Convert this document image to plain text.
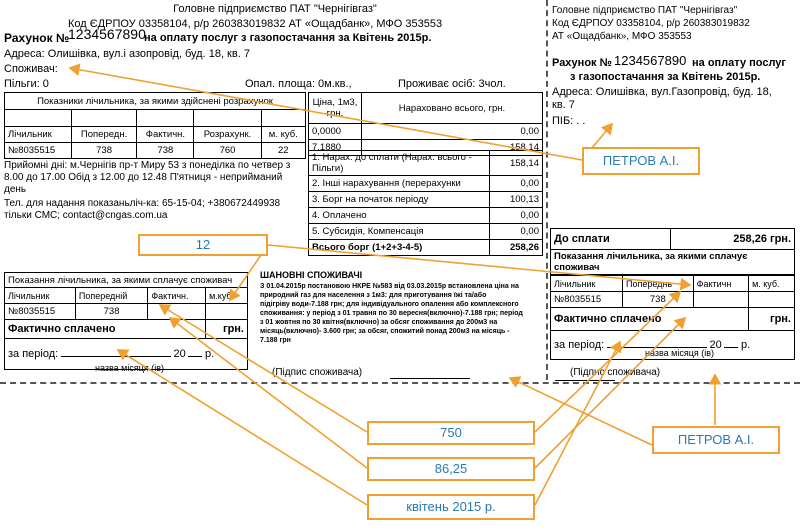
Головне підприємство ПАТ "Чернігівгаз"
Код ЄДРПОУ 03358104, р/р 260383019832 АТ «Ощадбанк», МФО 353553
Рахунок №
1234567890
на оплату послуг з газопостачання за Квітень 2015р.
Адреса: Олишівка, вул.і азопровід, буд. 18, кв. 7
Споживач:
Пільги: 0	Опал. площа: 0м.кв.,	Проживає осіб: 3чол.
Показники лічильника, за якими здійснені розрахунок				

Лічильник	Попередн.	Фактичн.	Розрахунк.	м. куб.
№8035515	738	738	760	22
Ціна, 1м3, грн.	Нараховано всього, грн.
0,0000	0,00
7,1880	158,14
1. Нарах. до сплати (Нарах. всього - Пільги)	158,14
2. Інші нарахування (перерахунки	0,00
3. Борг на початок періоду	100,13
4. Оплачено	0,00
5. Субсидія, Компенсація	0,00
Всього борг (1+2+3-4-5)	258,26
Прийомні дні: м.Чернігів пр-т Миру 53 з понеділка по четвер з 8.00 до 17.00 Обід з 12.00 до 12.48 П'ятниця - неприйманий день
Тел. для надання показаньліч-ка: 65-15-04; +380672449938 тільки СМС; contact@cngas.com.ua
Головне підприємство ПАТ "Чернігівгаз"
Код ЄДРПОУ 03358104, р/р 260383019832
АТ «Ощадбанк», МФО 353553
Рахунок № 1234567890 на оплату послуг
з газопостачання за Квітень 2015р.
Адреса: Олишівка, вул.Газопровід, буд. 18,
кв. 7
ПІБ: . .
До сплати	258,26 грн.
Показання лічильника, за якими сплачує споживач
Лічильник	Попереднь	Фактичн	м. куб.
№8035515	738		
Фактично сплачено			грн.
за період: 20 р.			
назва місяця (ів)
(Підпис споживача)
Показання лічильника, за якими сплачує споживач			
Лічильник	Попередній	Фактичн.	м.куб.
№8035515	738		
Фактично сплачено			грн.
за період: 20 р.			
назва місяця (ів)
ШАНОВНІ СПОЖИВАЧІ
З 01.04.2015р постановою НКРЕ №583 від 03.03.2015р встановлена ціна на
природний газ для населення з 1м3: для приготування їжі та/або
підігріву води-7.188 грн; для індивідуального опалення або комплексного
споживання: у період з 01 травня по 30 вересня(включно)-7.188 грн; період
з 01 жовтня по 30 квітня(включно) за обсяг споживання до 200м3 на
місяць(включно)- 3.600 грн; за обсяг, спожитий понад 200м3 на місяць -
7.188 грн
(Підпис споживача)
ПЕТРОВ А.І.
12
750
86,25
квітень 2015 р.
ПЕТРОВ А.І.
